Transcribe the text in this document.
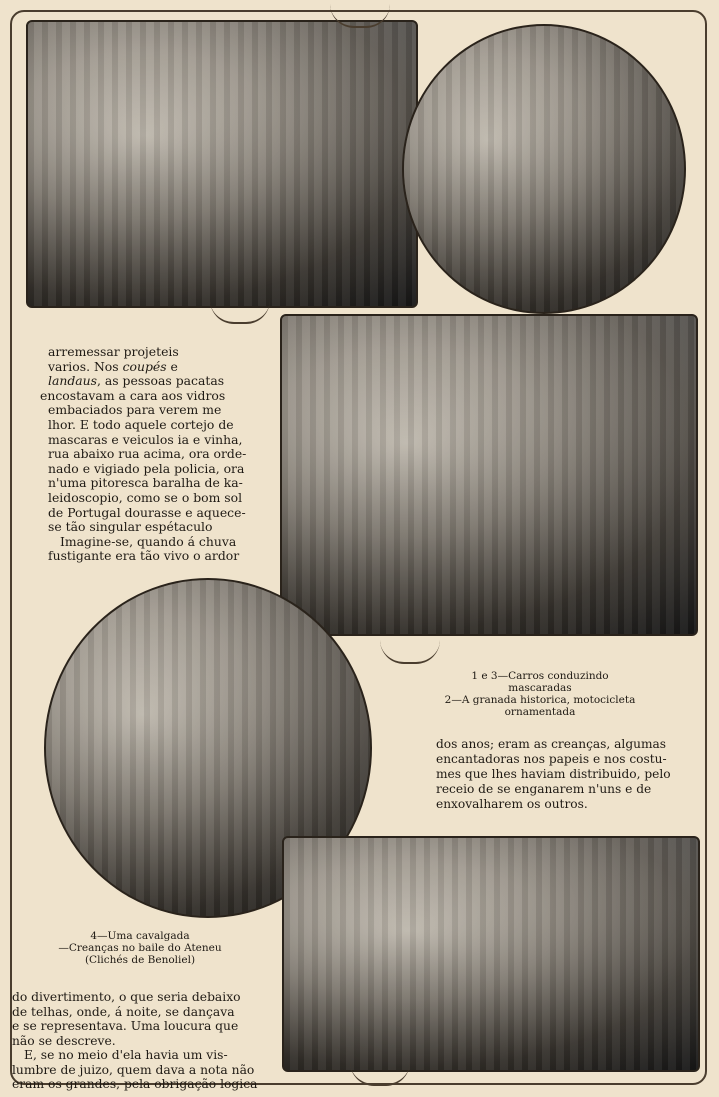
arremessar projeteis
varios. Nos coupés e
landaus, as pessoas pacatas
encostavam a cara aos vidros
embaciados para verem me
lhor. E todo aquele cortejo de
mascaras e veiculos ia e vinha,
rua abaixo rua acima, ora orde-
nado e vigiado pela policia, ora
n'uma pitoresca baralha de ka-
leidoscopio, como se o bom sol
de Portugal dourasse e aquece-
se tão singular espétaculo
Imagine-se, quando á chuva
fustigante era tão vivo o ardor
1 e 3—Carros conduzindo
mascaradas
2—A granada historica, motocicleta
ornamentada
dos anos; eram as creanças, algumas
encantadoras nos papeis e nos costu-
mes que lhes haviam distribuido, pelo
receio de se enganarem n'uns e de
enxovalharem os outros.
4—Uma cavalgada
—Creanças no baile do Ateneu
(Clichés de Benoliel)
do divertimento, o que seria debaixo
de telhas, onde, á noite, se dançava
e se representava. Uma loucura que
não se descreve.
E, se no meio d'ela havia um vis-
lumbre de juizo, quem dava a nota não
eram os grandes, pela obrigação logica
